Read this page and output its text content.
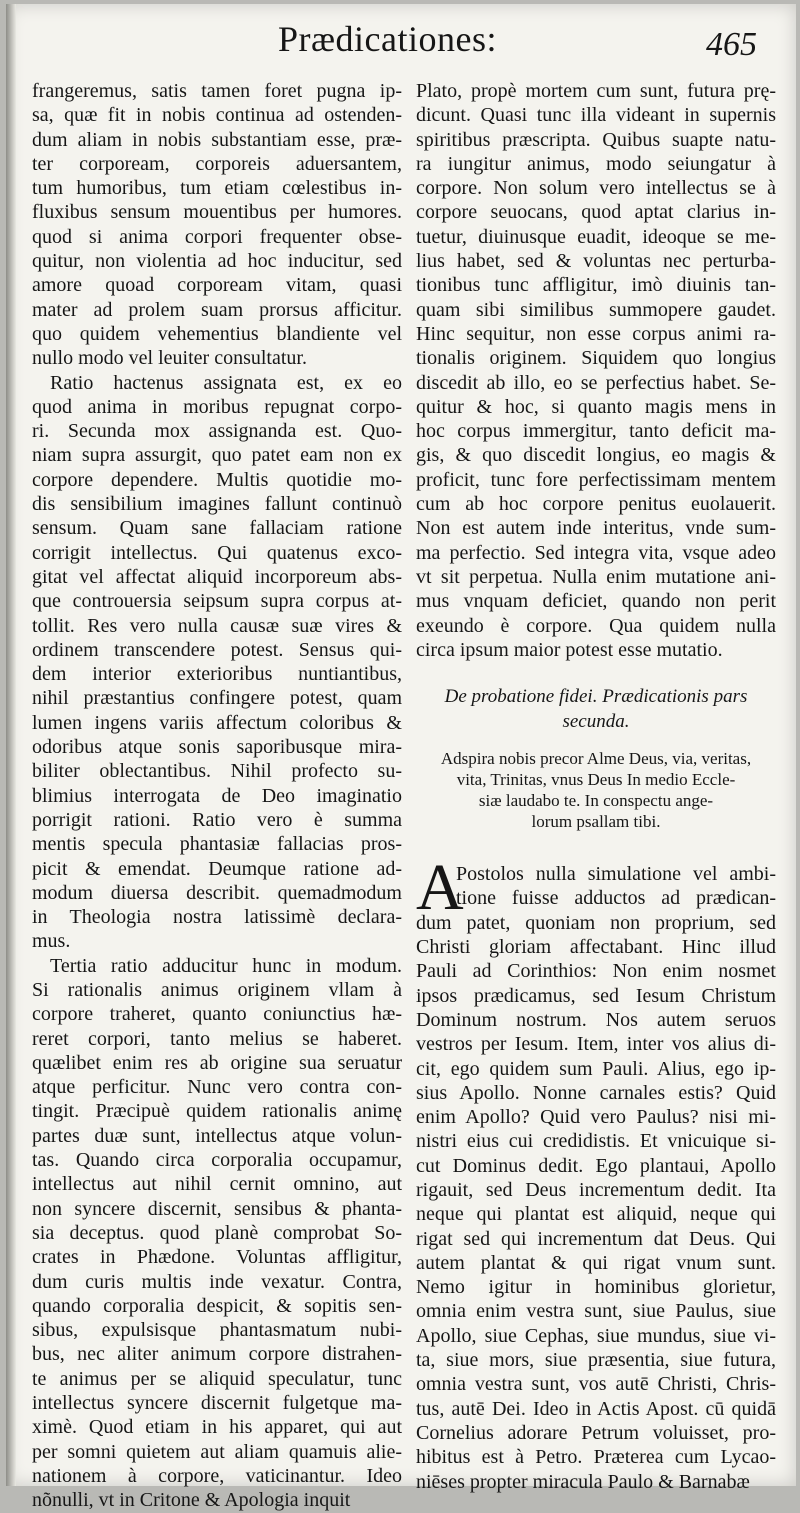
Prædicationes:	465
frangeremus, satis tamen foret pugna ip-
sa, quæ fit in nobis continua ad ostenden-
dum aliam in nobis substantiam esse, præ-
ter corpoream, corporeis aduersantem,
tum humoribus, tum etiam cœlestibus in-
fluxibus sensum mouentibus per humores.
quod si anima corpori frequenter obse-
quitur, non violentia ad hoc inducitur, sed
amore quoad corpoream vitam, quasi
mater ad prolem suam prorsus afficitur.
quo quidem vehementius blandiente vel
nullo modo vel leuiter consultatur.
Ratio hactenus assignata est, ex eo
quod anima in moribus repugnat corpo-
ri. Secunda mox assignanda est. Quo-
niam supra assurgit, quo patet eam non ex
corpore dependere. Multis quotidie mo-
dis sensibilium imagines fallunt continuò
sensum. Quam sane fallaciam ratione
corrigit intellectus. Qui quatenus exco-
gitat vel affectat aliquid incorporeum abs-
que controuersia seipsum supra corpus at-
tollit. Res vero nulla causæ suæ vires &
ordinem transcendere potest. Sensus qui-
dem interior exterioribus nuntiantibus,
nihil præstantius confingere potest, quam
lumen ingens variis affectum coloribus &
odoribus atque sonis saporibusque mira-
biliter oblectantibus. Nihil profecto su-
blimius interrogata de Deo imaginatio
porrigit rationi. Ratio vero è summa
mentis specula phantasiæ fallacias pros-
picit & emendat. Deumque ratione ad-
modum diuersa describit. quemadmodum
in Theologia nostra latissimè declara-
mus.
Tertia ratio adducitur hunc in modum.
Si rationalis animus originem vllam à
corpore traheret, quanto coniunctius hæ-
reret corpori, tanto melius se haberet.
quælibet enim res ab origine sua seruatur
atque perficitur. Nunc vero contra con-
tingit. Præcipuè quidem rationalis animę
partes duæ sunt, intellectus atque volun-
tas. Quando circa corporalia occupamur,
intellectus aut nihil cernit omnino, aut
non syncere discernit, sensibus & phanta-
sia deceptus. quod planè comprobat So-
crates in Phædone. Voluntas affligitur,
dum curis multis inde vexatur. Contra,
quando corporalia despicit, & sopitis sen-
sibus, expulsisque phantasmatum nubi-
bus, nec aliter animum corpore distrahen-
te animus per se aliquid speculatur, tunc
intellectus syncere discernit fulgetque ma-
ximè. Quod etiam in his apparet, qui aut
per somni quietem aut aliam quamuis alie-
nationem à corpore, vaticinantur. Ideo
nõnulli, vt in Critone & Apologia inquit
Plato, propè mortem cum sunt, futura prę-
dicunt. Quasi tunc illa videant in supernis
spiritibus præscripta. Quibus suapte natu-
ra iungitur animus, modo seiungatur à
corpore. Non solum vero intellectus se à
corpore seuocans, quod aptat clarius in-
tuetur, diuinusque euadit, ideoque se me-
lius habet, sed & voluntas nec perturba-
tionibus tunc affligitur, imò diuinis tan-
quam sibi similibus summopere gaudet.
Hinc sequitur, non esse corpus animi ra-
tionalis originem. Siquidem quo longius
discedit ab illo, eo se perfectius habet. Se-
quitur & hoc, si quanto magis mens in
hoc corpus immergitur, tanto deficit ma-
gis, & quo discedit longius, eo magis &
proficit, tunc fore perfectissimam mentem
cum ab hoc corpore penitus euolauerit.
Non est autem inde interitus, vnde sum-
ma perfectio. Sed integra vita, vsque adeo
vt sit perpetua. Nulla enim mutatione ani-
mus vnquam deficiet, quando non perit
exeundo è corpore. Qua quidem nulla
circa ipsum maior potest esse mutatio.
De probatione fidei. Prædicationis pars
secunda.
Adspira nobis precor Alme Deus, via, veritas,
vita, Trinitas, vnus Deus In medio Eccle-
siæ laudabo te. In conspectu ange-
lorum psallam tibi.
A
Postolos nulla simulatione vel ambi-
tione fuisse adductos ad prædican-
dum patet, quoniam non proprium, sed
Christi gloriam affectabant. Hinc illud
Pauli ad Corinthios: Non enim nosmet
ipsos prædicamus, sed Iesum Christum
Dominum nostrum. Nos autem seruos
vestros per Iesum. Item, inter vos alius di-
cit, ego quidem sum Pauli. Alius, ego ip-
sius Apollo. Nonne carnales estis? Quid
enim Apollo? Quid vero Paulus? nisi mi-
nistri eius cui credidistis. Et vnicuique si-
cut Dominus dedit. Ego plantaui, Apollo
rigauit, sed Deus incrementum dedit. Ita
neque qui plantat est aliquid, neque qui
rigat sed qui incrementum dat Deus. Qui
autem plantat & qui rigat vnum sunt.
Nemo igitur in hominibus glorietur,
omnia enim vestra sunt, siue Paulus, siue
Apollo, siue Cephas, siue mundus, siue vi-
ta, siue mors, siue præsentia, siue futura,
omnia vestra sunt, vos autē Christi, Chris-
tus, autē Dei. Ideo in Actis Apost. cū quidā
Cornelius adorare Petrum voluisset, pro-
hibitus est à Petro. Præterea cum Lycao-
niēses propter miracula Paulo & Barnabæ
